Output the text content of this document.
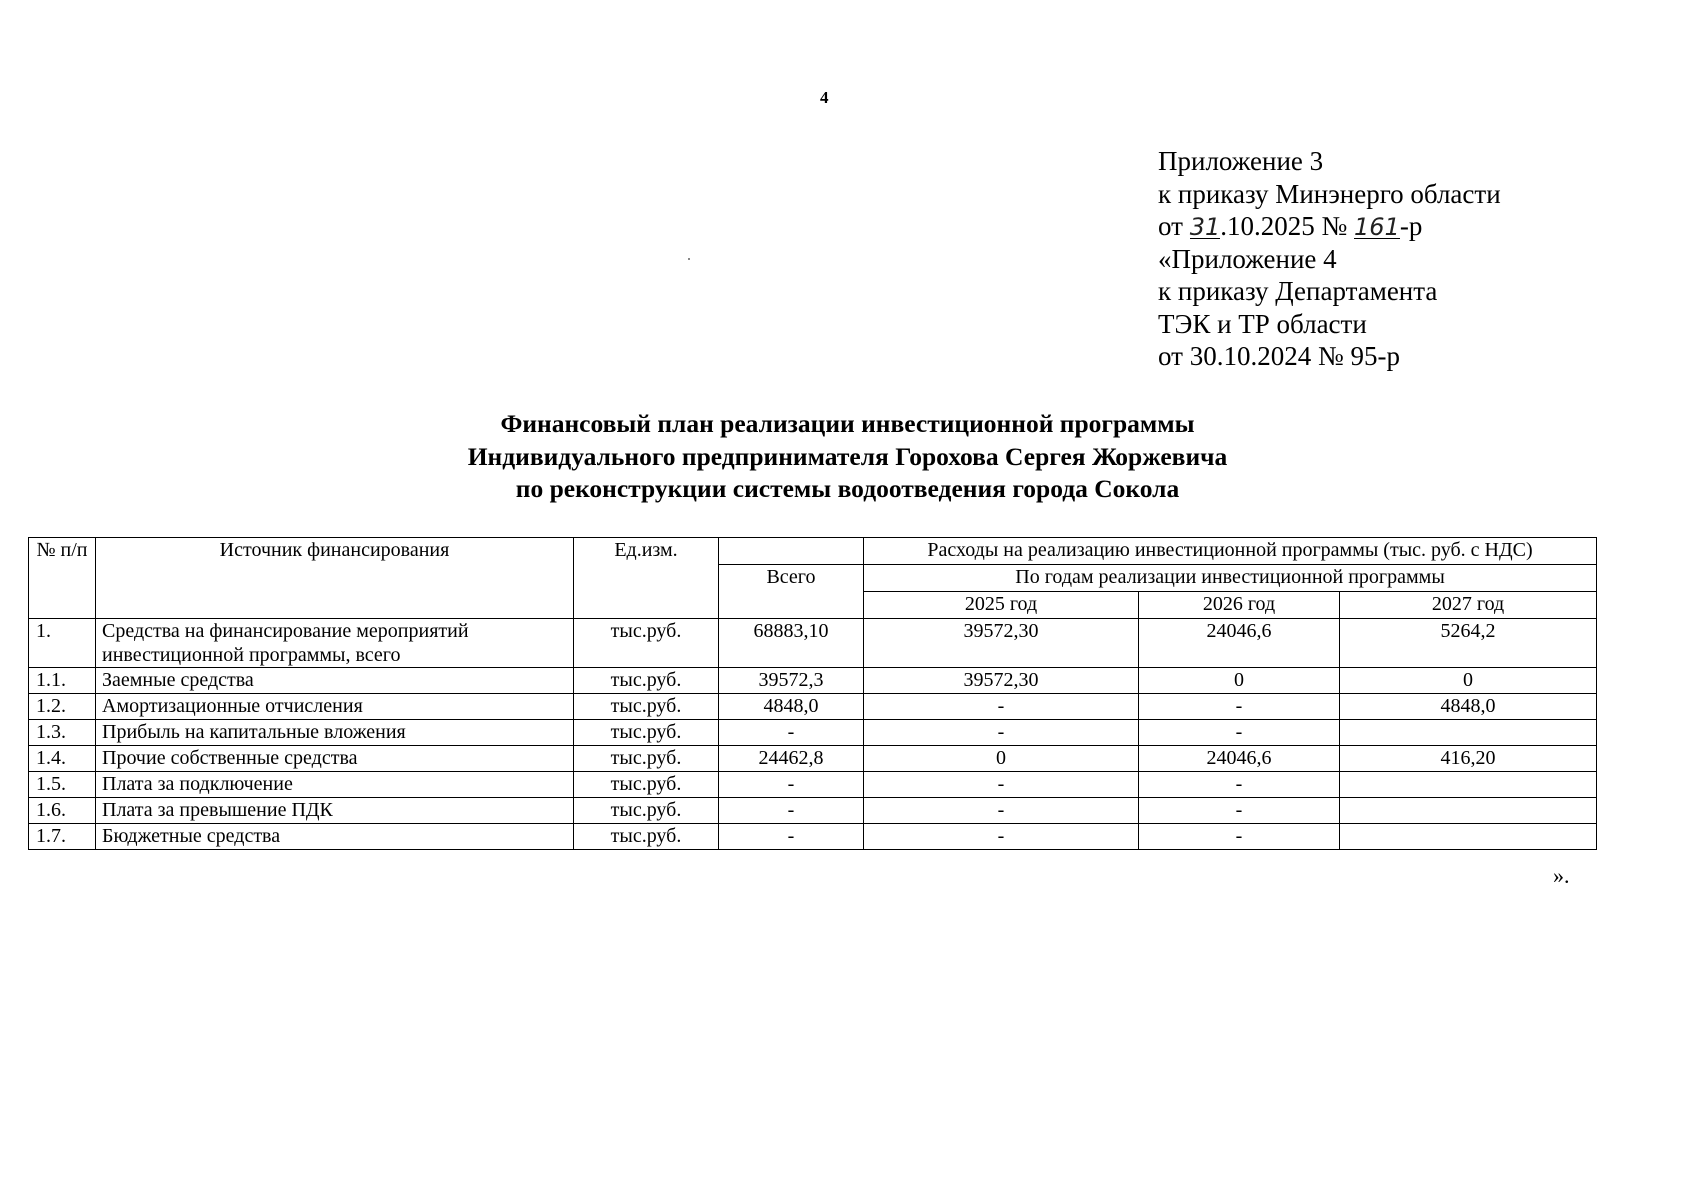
4
Приложение 3
к приказу Минэнерго области
от 31.10.2025 № 161-р
«Приложение 4
к приказу Департамента
ТЭК и ТР области
от 30.10.2024 № 95-р
Финансовый план реализации инвестиционной программы
Индивидуального предпринимателя Горохова Сергея Жоржевича
по реконструкции системы водоотведения города Сокола
№ п/п	Источник финансирования	Ед.изм.		Расходы на реализацию инвестиционной программы (тыс. руб. с НДС)		
			Всего	По годам реализации инвестиционной программы		
				2025 год	2026 год	2027 год
1.	Средства на финансирование мероприятий инвестиционной программы, всего	тыс.руб.	68883,10	39572,30	24046,6	5264,2
1.1.	Заемные средства	тыс.руб.	39572,3	39572,30	0	0
1.2.	Амортизационные отчисления	тыс.руб.	4848,0	-	-	4848,0
1.3.	Прибыль на капитальные вложения	тыс.руб.	-	-	-	
1.4.	Прочие собственные средства	тыс.руб.	24462,8	0	24046,6	416,20
1.5.	Плата за подключение	тыс.руб.	-	-	-	
1.6.	Плата за превышение ПДК	тыс.руб.	-	-	-	
1.7.	Бюджетные средства	тыс.руб.	-	-	-	
».
